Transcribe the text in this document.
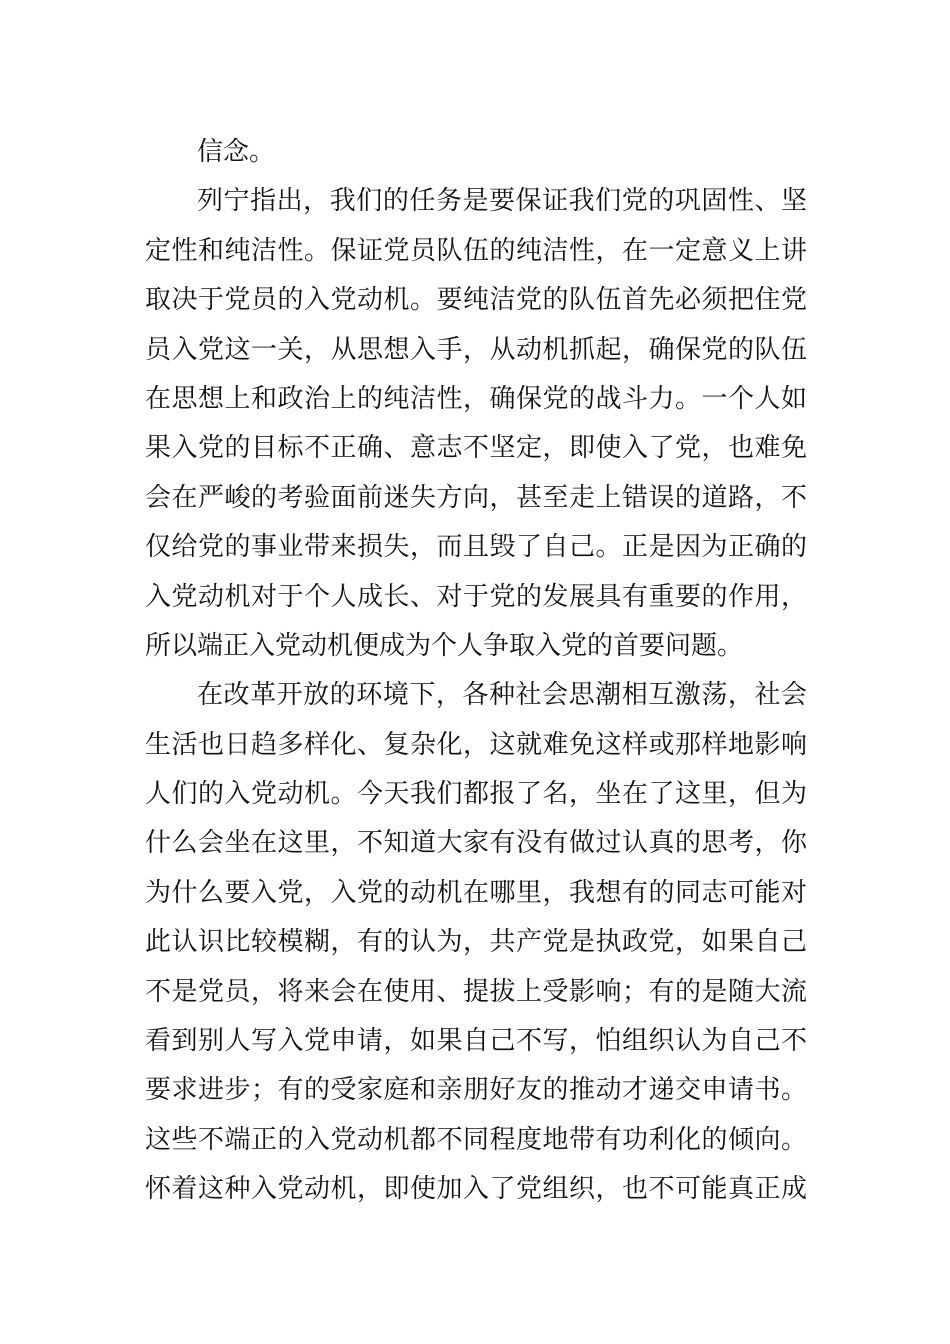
信念。
列宁指出，我们的任务是要保证我们党的巩固性、坚
定性和纯洁性。保证党员队伍的纯洁性，在一定意义上讲
取决于党员的入党动机。要纯洁党的队伍首先必须把住党
员入党这一关，从思想入手，从动机抓起，确保党的队伍
在思想上和政治上的纯洁性，确保党的战斗力。一个人如
果入党的目标不正确、意志不坚定，即使入了党，也难免
会在严峻的考验面前迷失方向，甚至走上错误的道路，不
仅给党的事业带来损失，而且毁了自己。正是因为正确的
入党动机对于个人成长、对于党的发展具有重要的作用，
所以端正入党动机便成为个人争取入党的首要问题。
在改革开放的环境下，各种社会思潮相互激荡，社会
生活也日趋多样化、复杂化，这就难免这样或那样地影响
人们的入党动机。今天我们都报了名，坐在了这里，但为
什么会坐在这里，不知道大家有没有做过认真的思考，你
为什么要入党，入党的动机在哪里，我想有的同志可能对
此认识比较模糊，有的认为，共产党是执政党，如果自己
不是党员，将来会在使用、提拔上受影响；有的是随大流
看到别人写入党申请，如果自己不写，怕组织认为自己不
要求进步；有的受家庭和亲朋好友的推动才递交申请书。
这些不端正的入党动机都不同程度地带有功利化的倾向。
怀着这种入党动机，即使加入了党组织，也不可能真正成
